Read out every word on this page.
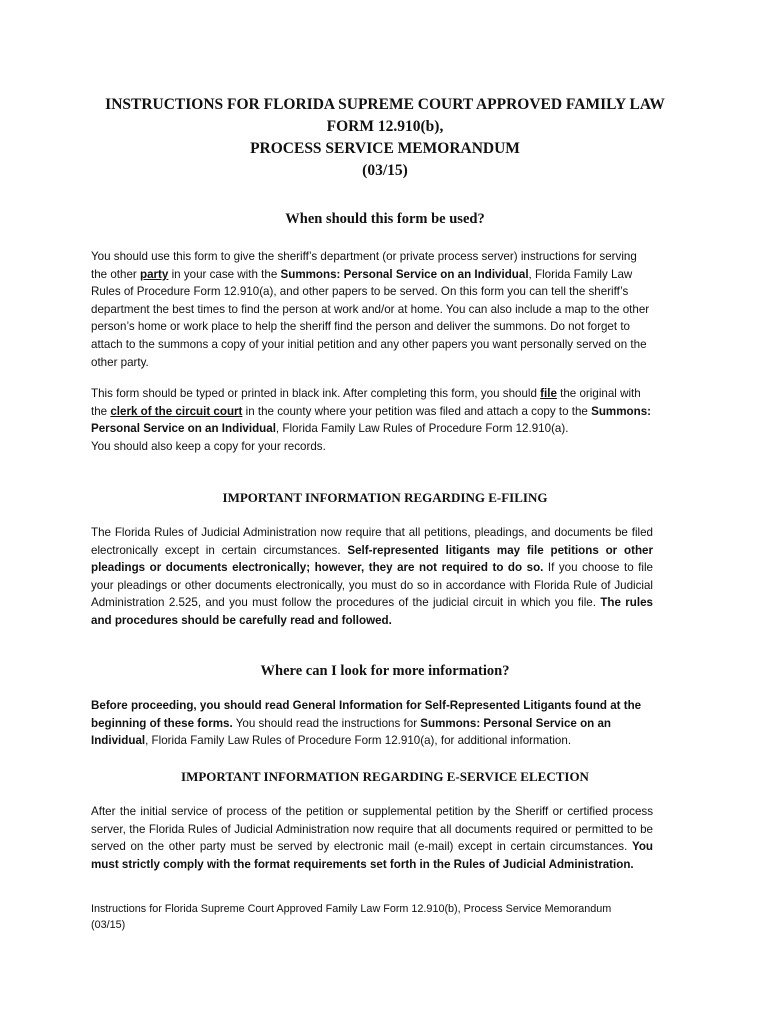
INSTRUCTIONS FOR FLORIDA SUPREME COURT APPROVED FAMILY LAW
FORM 12.910(b),
PROCESS SERVICE MEMORANDUM
(03/15)
When should this form be used?

You should use this form to give the sheriff’s department (or private process server) instructions for serving the other party in your case with the Summons: Personal Service on an Individual, Florida Family Law Rules of Procedure Form 12.910(a), and other papers to be served. On this form you can tell the sheriff’s department the best times to find the person at work and/or at home. You can also include a map to the other person’s home or work place to help the sheriff find the person and deliver the summons. Do not forget to attach to the summons a copy of your initial petition and any other papers you want personally served on the other party.

This form should be typed or printed in black ink. After completing this form, you should file the original with the clerk of the circuit court in the county where your petition was filed and attach a copy to the Summons: Personal Service on an Individual, Florida Family Law Rules of Procedure Form 12.910(a).
You should also keep a copy for your records.

IMPORTANT INFORMATION REGARDING E-FILING

The Florida Rules of Judicial Administration now require that all petitions, pleadings, and documents be filed electronically except in certain circumstances. Self-represented litigants may file petitions or other pleadings or documents electronically; however, they are not required to do so. If you choose to file your pleadings or other documents electronically, you must do so in accordance with Florida Rule of Judicial Administration 2.525, and you must follow the procedures of the judicial circuit in which you file. The rules and procedures should be carefully read and followed.

Where can I look for more information?

Before proceeding, you should read General Information for Self-Represented Litigants found at the beginning of these forms. You should read the instructions for Summons: Personal Service on an Individual, Florida Family Law Rules of Procedure Form 12.910(a), for additional information.

IMPORTANT INFORMATION REGARDING E-SERVICE ELECTION

After the initial service of process of the petition or supplemental petition by the Sheriff or certified process server, the Florida Rules of Judicial Administration now require that all documents required or permitted to be served on the other party must be served by electronic mail (e-mail) except in certain circumstances. You must strictly comply with the format requirements set forth in the Rules of Judicial Administration.

Instructions for Florida Supreme Court Approved Family Law Form 12.910(b), Process Service Memorandum
(03/15)
